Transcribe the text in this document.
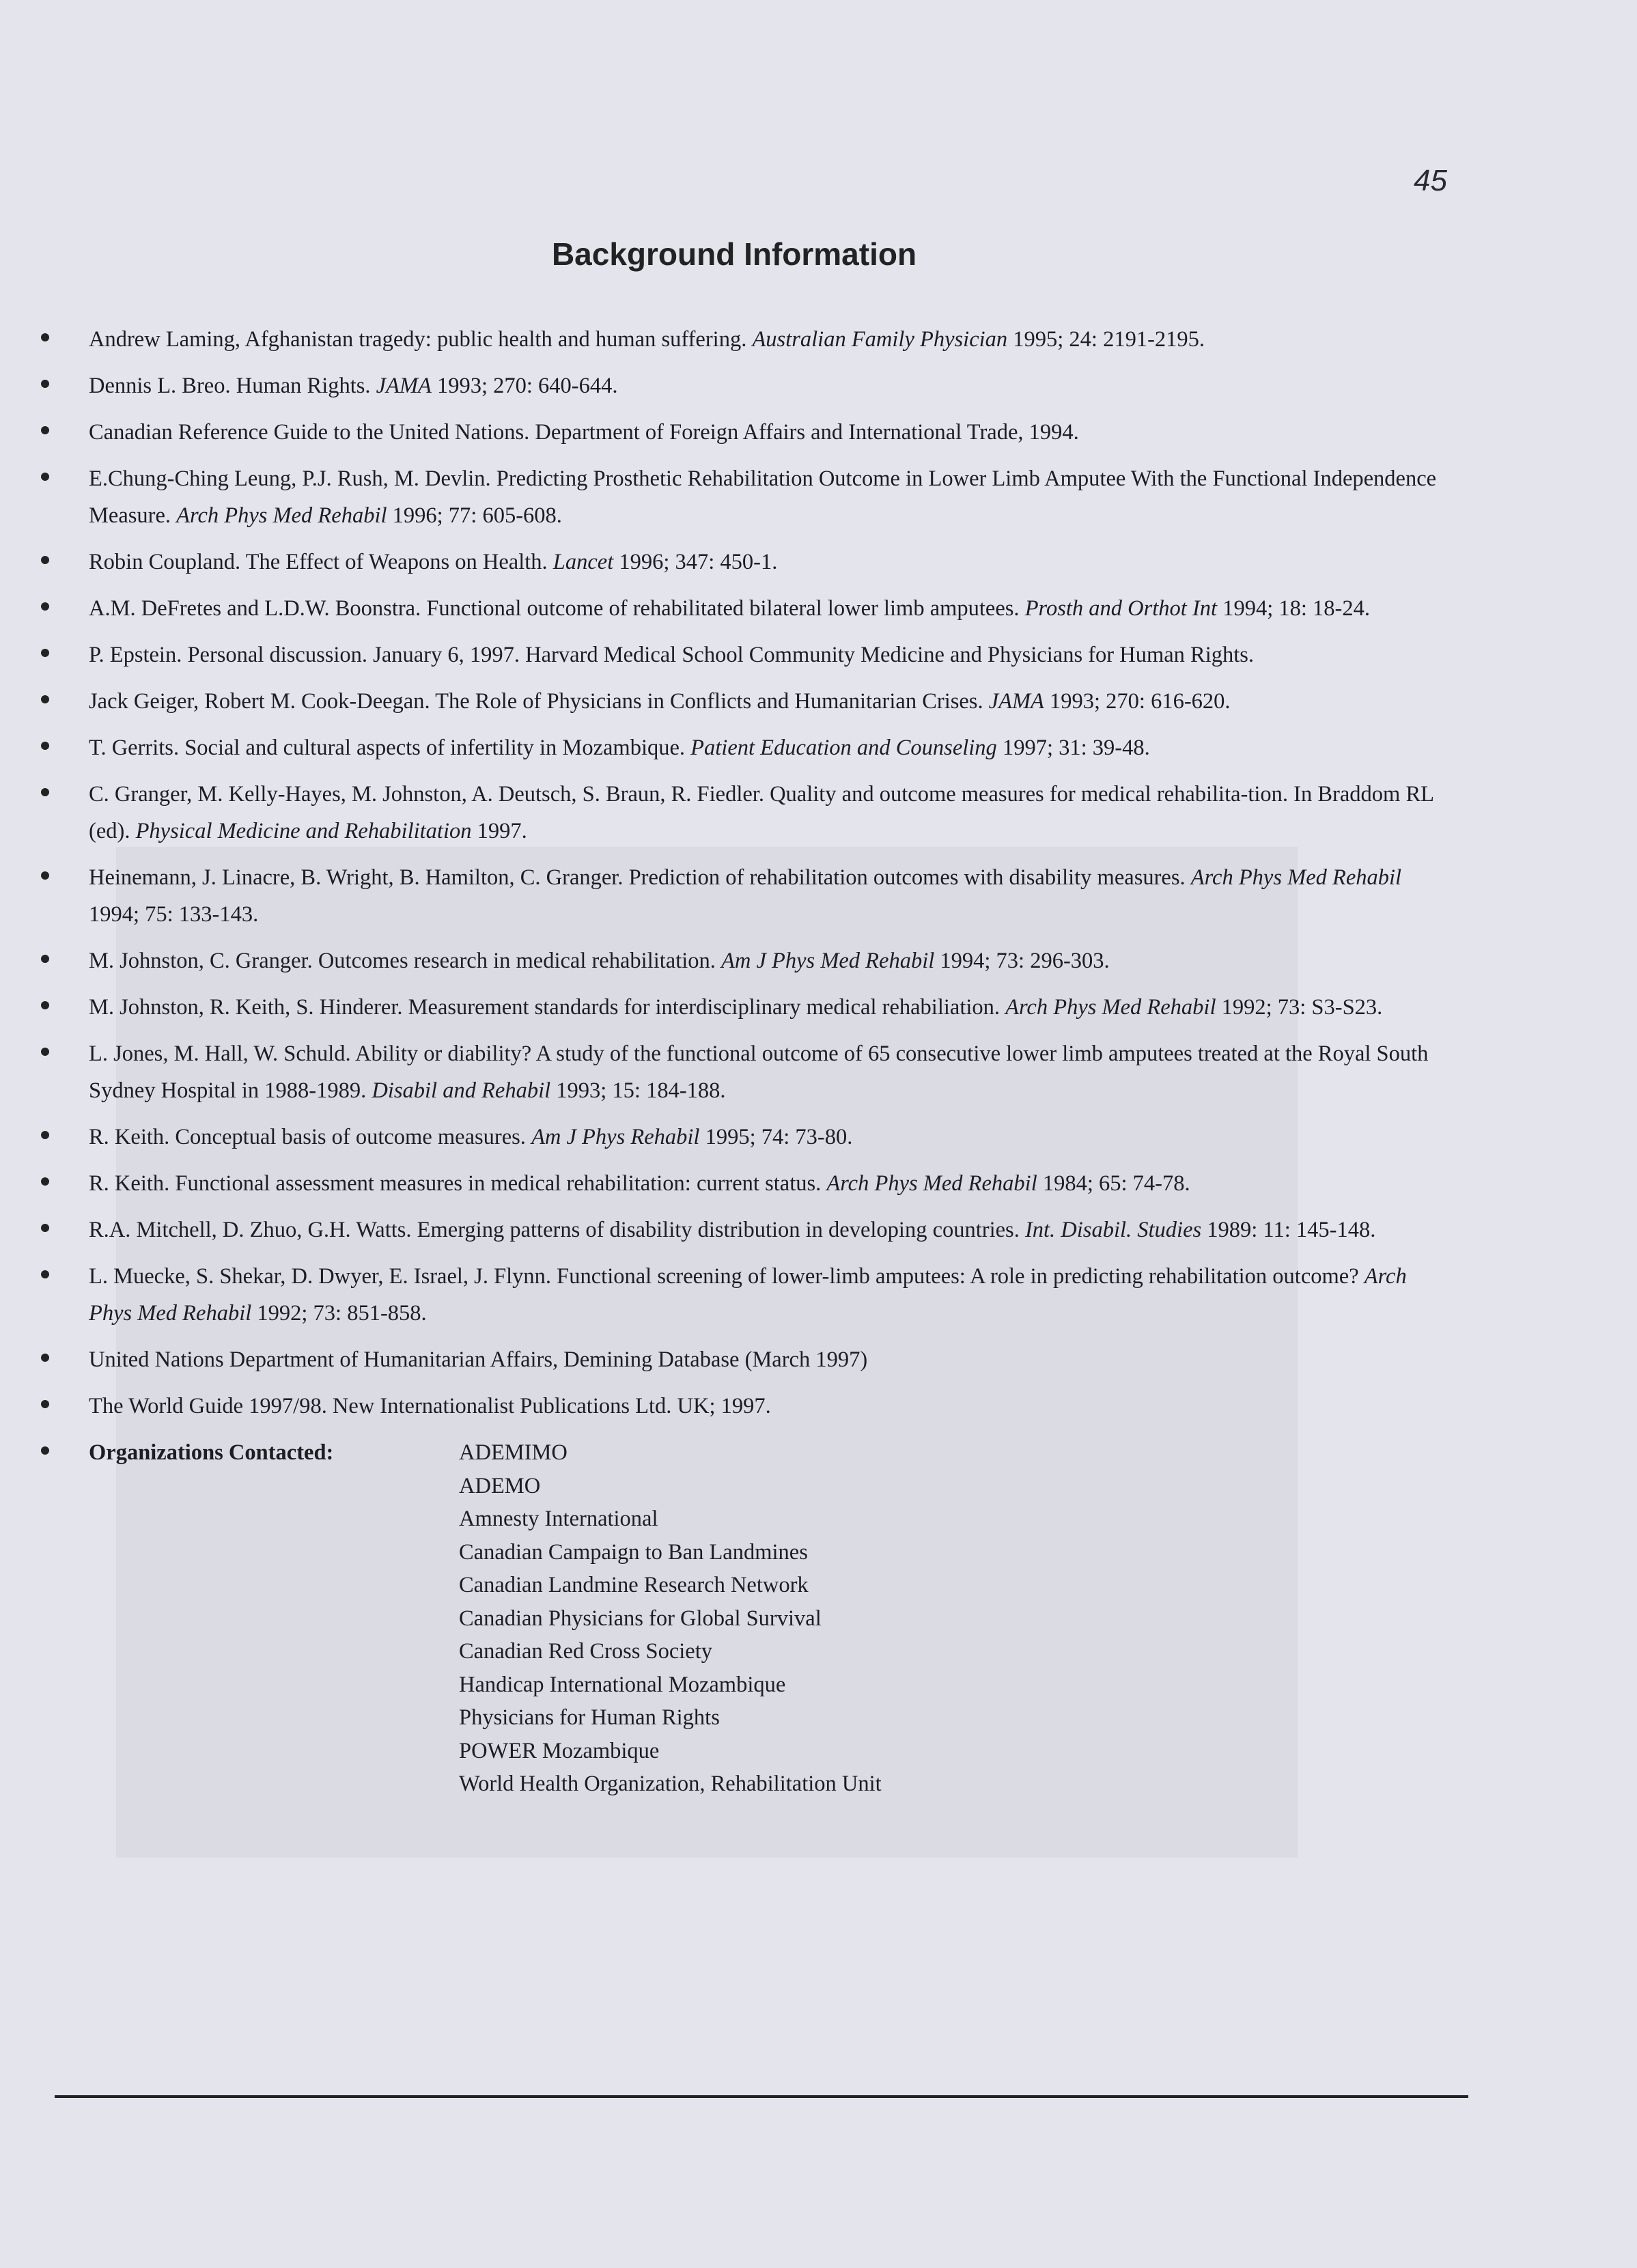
45
Background Information
Andrew Laming, Afghanistan tragedy: public health and human suffering. Australian Family Physician 1995; 24: 2191-2195.
Dennis L. Breo. Human Rights. JAMA 1993; 270: 640-644.
Canadian Reference Guide to the United Nations. Department of Foreign Affairs and International Trade, 1994.
E.Chung-Ching Leung, P.J. Rush, M. Devlin. Predicting Prosthetic Rehabilitation Outcome in Lower Limb Amputee With the Functional Independence Measure. Arch Phys Med Rehabil 1996; 77: 605-608.
Robin Coupland. The Effect of Weapons on Health. Lancet 1996; 347: 450-1.
A.M. DeFretes and L.D.W. Boonstra. Functional outcome of rehabilitated bilateral lower limb amputees. Prosth and Orthot Int 1994; 18: 18-24.
P. Epstein. Personal discussion. January 6, 1997. Harvard Medical School Community Medicine and Physicians for Human Rights.
Jack Geiger, Robert M. Cook-Deegan. The Role of Physicians in Conflicts and Humanitarian Crises. JAMA 1993; 270: 616-620.
T. Gerrits. Social and cultural aspects of infertility in Mozambique. Patient Education and Counseling 1997; 31: 39-48.
C. Granger, M. Kelly-Hayes, M. Johnston, A. Deutsch, S. Braun, R. Fiedler. Quality and outcome measures for medical rehabilita-tion. In Braddom RL (ed). Physical Medicine and Rehabilitation 1997.
Heinemann, J. Linacre, B. Wright, B. Hamilton, C. Granger. Prediction of rehabilitation outcomes with disability measures. Arch Phys Med Rehabil 1994; 75: 133-143.
M. Johnston, C. Granger. Outcomes research in medical rehabilitation. Am J Phys Med Rehabil 1994; 73: 296-303.
M. Johnston, R. Keith, S. Hinderer. Measurement standards for interdisciplinary medical rehabiliation. Arch Phys Med Rehabil 1992; 73: S3-S23.
L. Jones, M. Hall, W. Schuld. Ability or diability? A study of the functional outcome of 65 consecutive lower limb amputees treated at the Royal South Sydney Hospital in 1988-1989. Disabil and Rehabil 1993; 15: 184-188.
R. Keith. Conceptual basis of outcome measures. Am J Phys Rehabil 1995; 74: 73-80.
R. Keith. Functional assessment measures in medical rehabilitation: current status. Arch Phys Med Rehabil 1984; 65: 74-78.
R.A. Mitchell, D. Zhuo, G.H. Watts. Emerging patterns of disability distribution in developing countries. Int. Disabil. Studies 1989: 11: 145-148.
L. Muecke, S. Shekar, D. Dwyer, E. Israel, J. Flynn. Functional screening of lower-limb amputees: A role in predicting rehabilitation outcome? Arch Phys Med Rehabil 1992; 73: 851-858.
United Nations Department of Humanitarian Affairs, Demining Database (March 1997)
The World Guide 1997/98. New Internationalist Publications Ltd. UK; 1997.
Organizations Contacted:	ADEMIMO
ADEMO
Amnesty International
Canadian Campaign to Ban Landmines
Canadian Landmine Research Network
Canadian Physicians for Global Survival
Canadian Red Cross Society
Handicap International Mozambique
Physicians for Human Rights
POWER Mozambique
World Health Organization, Rehabilitation Unit
